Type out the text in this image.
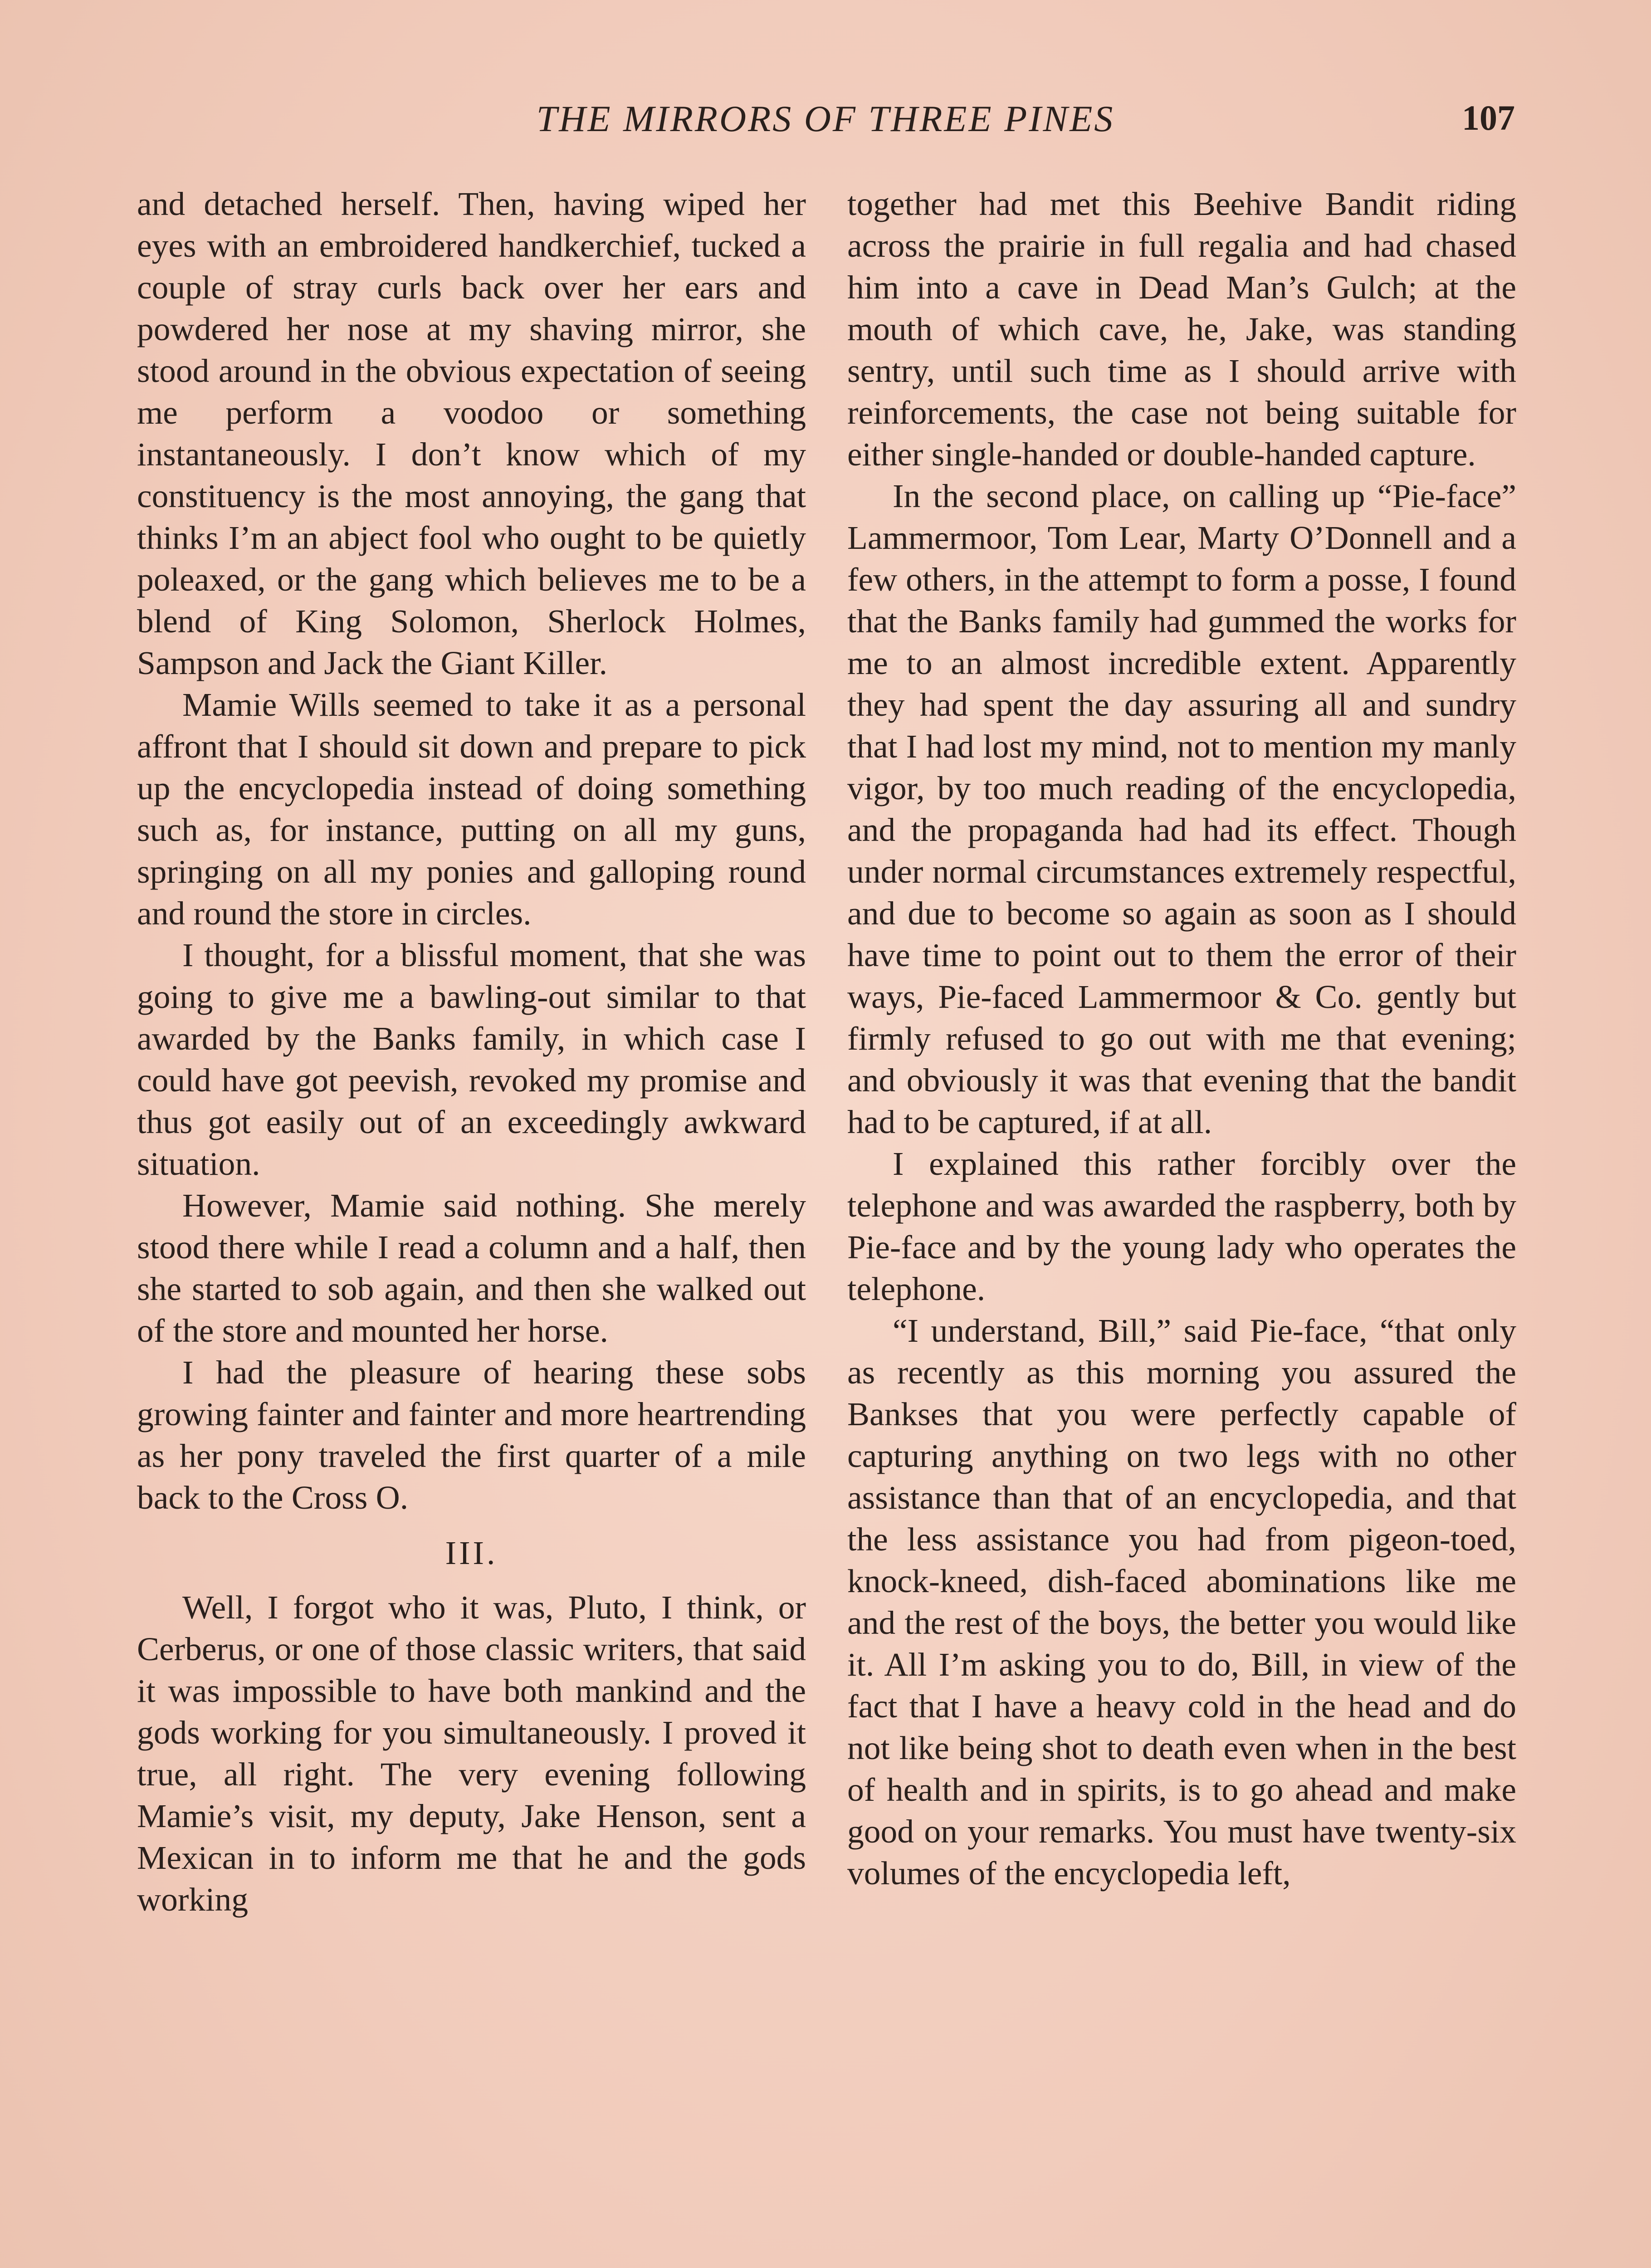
THE MIRRORS OF THREE PINES	107

and detached herself. Then, having wiped her eyes with an embroidered handkerchief, tucked a couple of stray curls back over her ears and powdered her nose at my shaving mirror, she stood around in the obvious expectation of seeing me perform a voodoo or something instantaneously. I don’t know which of my constituency is the most annoying, the gang that thinks I’m an abject fool who ought to be quietly poleaxed, or the gang which believes me to be a blend of King Solomon, Sherlock Holmes, Sampson and Jack the Giant Killer.

Mamie Wills seemed to take it as a personal affront that I should sit down and prepare to pick up the encyclopedia instead of doing something such as, for instance, putting on all my guns, springing on all my ponies and galloping round and round the store in circles.

I thought, for a blissful moment, that she was going to give me a bawling-out similar to that awarded by the Banks family, in which case I could have got peevish, revoked my promise and thus got easily out of an exceedingly awkward situation.

However, Mamie said nothing. She merely stood there while I read a column and a half, then she started to sob again, and then she walked out of the store and mounted her horse.

I had the pleasure of hearing these sobs growing fainter and fainter and more heartrending as her pony traveled the first quarter of a mile back to the Cross O.

III.

Well, I forgot who it was, Pluto, I think, or Cerberus, or one of those classic writers, that said it was impossible to have both mankind and the gods working for you simultaneously. I proved it true, all right. The very evening following Mamie’s visit, my deputy, Jake Henson, sent a Mexican in to inform me that he and the gods working

together had met this Beehive Bandit riding across the prairie in full regalia and had chased him into a cave in Dead Man’s Gulch; at the mouth of which cave, he, Jake, was standing sentry, until such time as I should arrive with reinforcements, the case not being suitable for either single-handed or double-handed capture.

In the second place, on calling up “Pie-face” Lammermoor, Tom Lear, Marty O’Donnell and a few others, in the attempt to form a posse, I found that the Banks family had gummed the works for me to an almost incredible extent. Apparently they had spent the day assuring all and sundry that I had lost my mind, not to mention my manly vigor, by too much reading of the encyclopedia, and the propaganda had had its effect. Though under normal circumstances extremely respectful, and due to become so again as soon as I should have time to point out to them the error of their ways, Pie-faced Lammermoor & Co. gently but firmly refused to go out with me that evening; and obviously it was that evening that the bandit had to be captured, if at all.

I explained this rather forcibly over the telephone and was awarded the raspberry, both by Pie-face and by the young lady who operates the telephone.

“I understand, Bill,” said Pie-face, “that only as recently as this morning you assured the Bankses that you were perfectly capable of capturing anything on two legs with no other assistance than that of an encyclopedia, and that the less assistance you had from pigeon-toed, knock-kneed, dish-faced abominations like me and the rest of the boys, the better you would like it. All I’m asking you to do, Bill, in view of the fact that I have a heavy cold in the head and do not like being shot to death even when in the best of health and in spirits, is to go ahead and make good on your remarks. You must have twenty-six volumes of the encyclopedia left,
